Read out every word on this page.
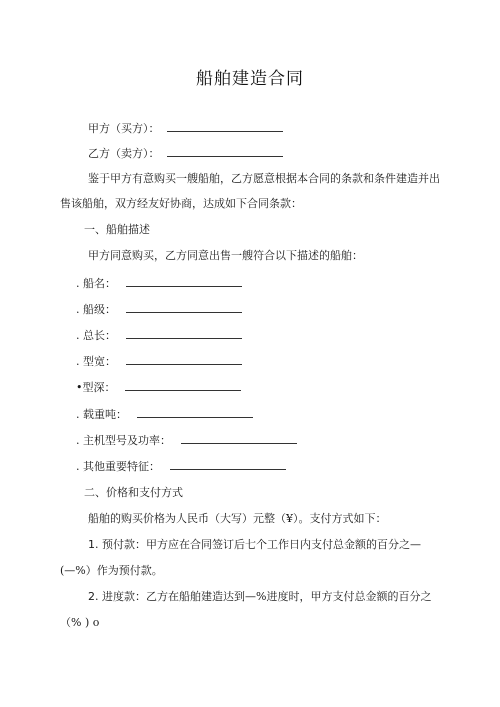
船舶建造合同
甲方（买方）：
乙方（卖方）：
鉴于甲方有意购买一艘船舶，乙方愿意根据本合同的条款和条件建造并出
售该船舶，双方经友好协商，达成如下合同条款：
一、船舶描述
甲方同意购买，乙方同意出售一艘符合以下描述的船舶：
. 船名：
. 船级：
. 总长：
. 型宽：
•型深：
. 载重吨：
. 主机型号及功率：
. 其他重要特征：
二、价格和支付方式
船舶的购买价格为人民币（大写）元整（¥）。支付方式如下：
1. 预付款：甲方应在合同签订后七个工作日内支付总金额的百分之—
(—%）作为预付款。
2. 进度款：乙方在船舶建造达到—%进度时，甲方支付总金额的百分之
（% ) o
